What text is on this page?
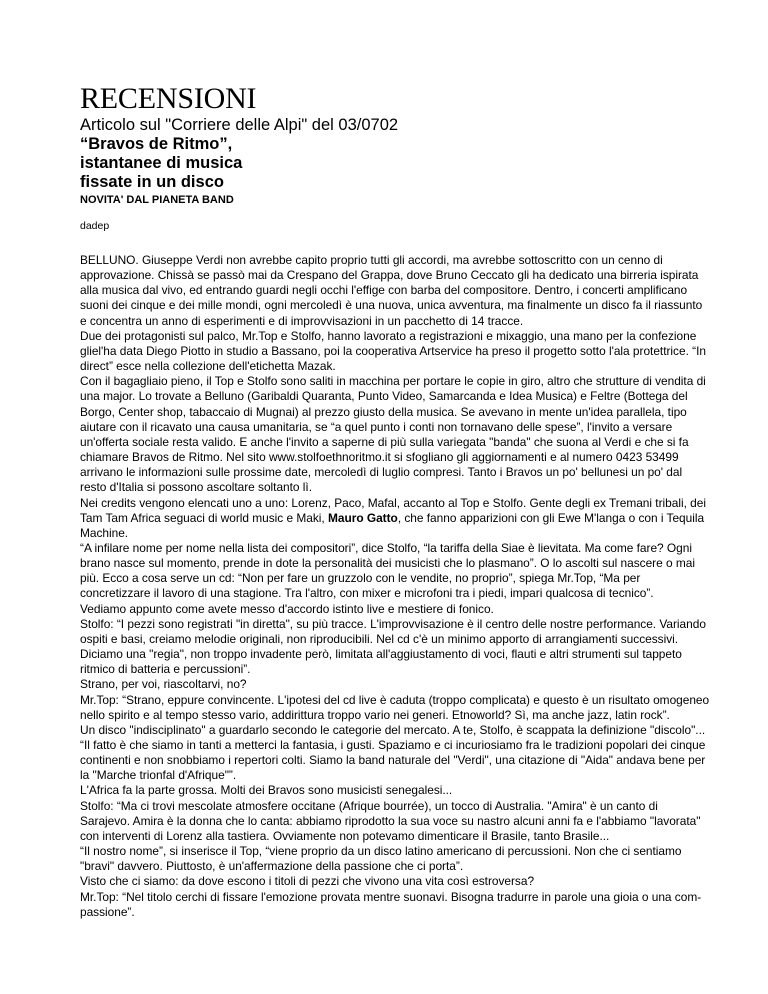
RECENSIONI

Articolo sul "Corriere delle Alpi" del 03/0702

“Bravos de Ritmo”,

istantanee di musica

fissate in un disco

NOVITA' DAL PIANETA BAND

dadep

BELLUNO. Giuseppe Verdi non avrebbe capito proprio tutti gli accordi, ma avrebbe sottoscritto con un cenno di approvazione. Chissà se passò mai da Crespano del Grappa, dove Bruno Ceccato gli ha dedicato una birreria ispirata alla musica dal vivo, ed entrando guardi negli occhi l'effige con barba del compositore. Dentro, i concerti amplificano suoni dei cinque e dei mille mondi, ogni mercoledì è una nuova, unica avventura, ma finalmente un disco fa il riassunto e concentra un anno di esperimenti e di improvvisazioni in un pacchetto di 14 tracce.

Due dei protagonisti sul palco, Mr.Top e Stolfo, hanno lavorato a registrazioni e mixaggio, una mano per la confezione gliel'ha data Diego Piotto in studio a Bassano, poi la cooperativa Artservice ha preso il progetto sotto l'ala protettrice. “In direct” esce nella collezione dell'etichetta Mazak.

Con il bagagliaio pieno, il Top e Stolfo sono saliti in macchina per portare le copie in giro, altro che strutture di vendita di una major. Lo trovate a Belluno (Garibaldi Quaranta, Punto Video, Samarcanda e Idea Musica) e Feltre (Bottega del Borgo, Center shop, tabaccaio di Mugnai) al prezzo giusto della musica. Se avevano in mente un'idea parallela, tipo aiutare con il ricavato una causa umanitaria, se “a quel punto i conti non tornavano delle spese”, l'invito a versare un'offerta sociale resta valido. E anche l'invito a saperne di più sulla variegata "banda" che suona al Verdi e che si fa chiamare Bravos de Ritmo. Nel sito www.stolfoethnoritmo.it si sfogliano gli aggiornamenti e al numero 0423 53499 arrivano le informazioni sulle prossime date, mercoledì di luglio compresi. Tanto i Bravos un po' bellunesi un po' dal resto d'Italia si possono ascoltare soltanto lì.

Nei credits vengono elencati uno a uno: Lorenz, Paco, Mafal, accanto al Top e Stolfo. Gente degli ex Tremani tribali, dei Tam Tam Africa seguaci di world music e Maki, Mauro Gatto, che fanno apparizioni con gli Ewe M'langa o con i Tequila Machine.

“A infilare nome per nome nella lista dei compositori”, dice Stolfo, “la tariffa della Siae è lievitata. Ma come fare? Ogni brano nasce sul momento, prende in dote la personalità dei musicisti che lo plasmano”. O lo ascolti sul nascere o mai più. Ecco a cosa serve un cd: “Non per fare un gruzzolo con le vendite, no proprio”, spiega Mr.Top, “Ma per concretizzare il lavoro di una stagione. Tra l'altro, con mixer e microfoni tra i piedi, impari qualcosa di tecnico”.

Vediamo appunto come avete messo d'accordo istinto live e mestiere di fonico.

Stolfo: “I pezzi sono registrati "in diretta", su più tracce. L'improvvisazione è il centro delle nostre performance. Variando ospiti e basi, creiamo melodie originali, non riproducibili. Nel cd c'è un minimo apporto di arrangiamenti successivi. Diciamo una "regia", non troppo invadente però, limitata all'aggiustamento di voci, flauti e altri strumenti sul tappeto ritmico di batteria e percussioni”.

Strano, per voi, riascoltarvi, no?

Mr.Top: “Strano, eppure convincente. L'ipotesi del cd live è caduta (troppo complicata) e questo è un risultato omogeneo nello spirito e al tempo stesso vario, addirittura troppo vario nei generi. Etnoworld? Sì, ma anche jazz, latin rock”.

Un disco "indisciplinato" a guardarlo secondo le categorie del mercato. A te, Stolfo, è scappata la definizione "discolo"...

“Il fatto è che siamo in tanti a metterci la fantasia, i gusti. Spaziamo e ci incuriosiamo fra le tradizioni popolari dei cinque continenti e non snobbiamo i repertori colti. Siamo la band naturale del "Verdi", una citazione di "Aida" andava bene per la "Marche trionfal d'Afrique"”.

L'Africa fa la parte grossa. Molti dei Bravos sono musicisti senegalesi...

Stolfo: “Ma ci trovi mescolate atmosfere occitane (Afrique bourrée), un tocco di Australia. "Amira" è un canto di Sarajevo. Amira è la donna che lo canta: abbiamo riprodotto la sua voce su nastro alcuni anni fa e l'abbiamo "lavorata" con interventi di Lorenz alla tastiera. Ovviamente non potevamo dimenticare il Brasile, tanto Brasile...

“Il nostro nome”, si inserisce il Top, “viene proprio da un disco latino americano di percussioni. Non che ci sentiamo "bravi" davvero. Piuttosto, è un'affermazione della passione che ci porta”.

Visto che ci siamo: da dove escono i titoli di pezzi che vivono una vita così estroversa?

Mr.Top: “Nel titolo cerchi di fissare l'emozione provata mentre suonavi. Bisogna tradurre in parole una gioia o una com-passione”.
